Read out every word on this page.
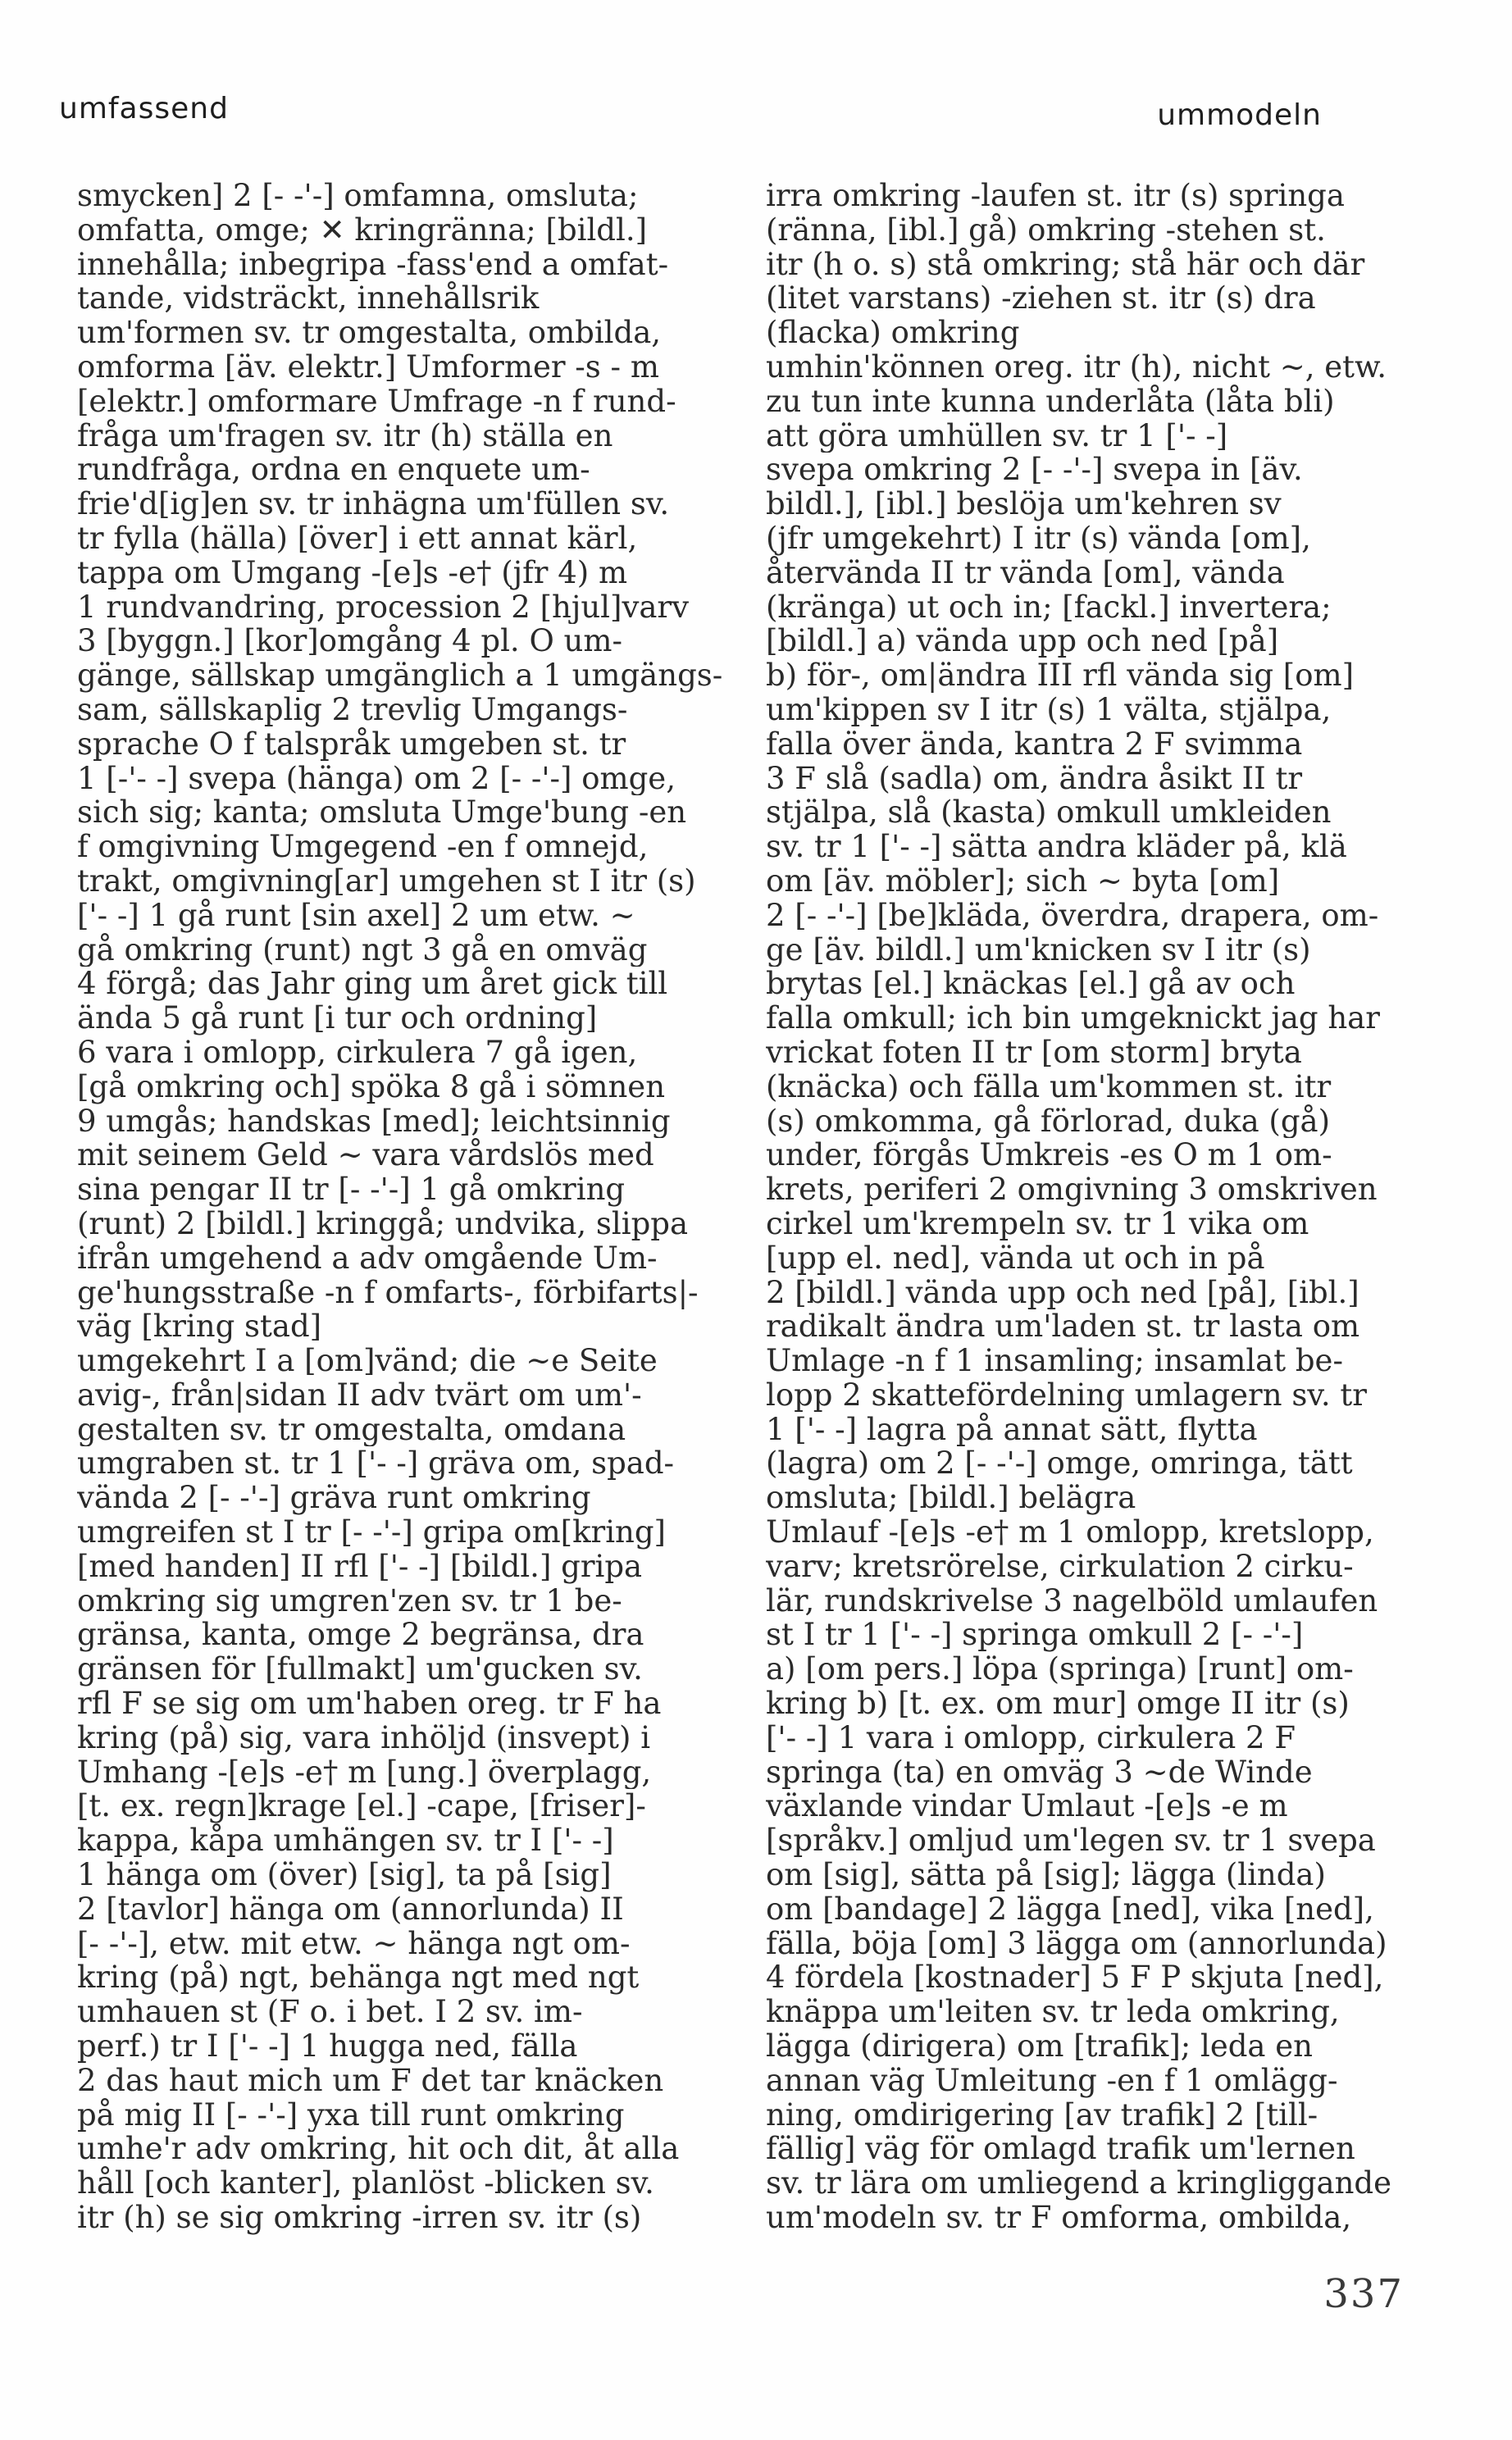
umfassend	ummodeln

smycken] 2 [- -'-] omfamna, omsluta;

omfatta, omge; ✕ kringränna; [bildl.]

innehålla; inbegripa -fass'end a omfat-

tande, vidsträckt, innehållsrik

um'formen sv. tr omgestalta, ombilda,

omforma [äv. elektr.] Umformer -s - m

[elektr.] omformare Umfrage -n f rund-

fråga um'fragen sv. itr (h) ställa en

rundfråga, ordna en enquete um-

frie'd[ig]en sv. tr inhägna um'füllen sv.

tr fylla (hälla) [över] i ett annat kärl,

tappa om Umgang -[e]s -e† (jfr 4) m

1 rundvandring, procession 2 [hjul]varv

3 [byggn.] [kor]omgång 4 pl. O um-

gänge, sällskap umgänglich a 1 umgängs-

sam, sällskaplig 2 trevlig Umgangs-

sprache O f talspråk umgeben st. tr

1 [-'- -] svepa (hänga) om 2 [- -'-] omge,

sich sig; kanta; omsluta Umge'bung -en

f omgivning Umgegend -en f omnejd,

trakt, omgivning[ar] umgehen st I itr (s)

['- -] 1 gå runt [sin axel] 2 um etw. ~

gå omkring (runt) ngt 3 gå en omväg

4 förgå; das Jahr ging um året gick till

ända 5 gå runt [i tur och ordning]

6 vara i omlopp, cirkulera 7 gå igen,

[gå omkring och] spöka 8 gå i sömnen

9 umgås; handskas [med]; leichtsinnig

mit seinem Geld ~ vara vårdslös med

sina pengar II tr [- -'-] 1 gå omkring

(runt) 2 [bildl.] kringgå; undvika, slippa

ifrån umgehend a adv omgående Um-

ge'hungsstraße -n f omfarts-, förbifarts|-

väg [kring stad]

umgekehrt I a [om]vänd; die ~e Seite

avig-, från|sidan II adv tvärt om um'-

gestalten sv. tr omgestalta, omdana

umgraben st. tr 1 ['- -] gräva om, spad-

vända 2 [- -'-] gräva runt omkring

umgreifen st I tr [- -'-] gripa om[kring]

[med handen] II rfl ['- -] [bildl.] gripa

omkring sig umgren'zen sv. tr 1 be-

gränsa, kanta, omge 2 begränsa, dra

gränsen för [fullmakt] um'gucken sv.

rfl F se sig om um'haben oreg. tr F ha

kring (på) sig, vara inhöljd (insvept) i

Umhang -[e]s -e† m [ung.] överplagg,

[t. ex. regn]krage [el.] -cape, [friser]-

kappa, kåpa umhängen sv. tr I ['- -]

1 hänga om (över) [sig], ta på [sig]

2 [tavlor] hänga om (annorlunda) II

[- -'-], etw. mit etw. ~ hänga ngt om-

kring (på) ngt, behänga ngt med ngt

umhauen st (F o. i bet. I 2 sv. im-

perf.) tr I ['- -] 1 hugga ned, fälla

2 das haut mich um F det tar knäcken

på mig II [- -'-] yxa till runt omkring

umhe'r adv omkring, hit och dit, åt alla

håll [och kanter], planlöst -blicken sv.

itr (h) se sig omkring -irren sv. itr (s)

irra omkring -laufen st. itr (s) springa

(ränna, [ibl.] gå) omkring -stehen st.

itr (h o. s) stå omkring; stå här och där

(litet varstans) -ziehen st. itr (s) dra

(flacka) omkring

umhin'können oreg. itr (h), nicht ~, etw.

zu tun inte kunna underlåta (låta bli)

att göra umhüllen sv. tr 1 ['- -]

svepa omkring 2 [- -'-] svepa in [äv.

bildl.], [ibl.] beslöja um'kehren sv

(jfr umgekehrt) I itr (s) vända [om],

återvända II tr vända [om], vända

(kränga) ut och in; [fackl.] invertera;

[bildl.] a) vända upp och ned [på]

b) för-, om|ändra III rfl vända sig [om]

um'kippen sv I itr (s) 1 välta, stjälpa,

falla över ända, kantra 2 F svimma

3 F slå (sadla) om, ändra åsikt II tr

stjälpa, slå (kasta) omkull umkleiden

sv. tr 1 ['- -] sätta andra kläder på, klä

om [äv. möbler]; sich ~ byta [om]

2 [- -'-] [be]kläda, överdra, drapera, om-

ge [äv. bildl.] um'knicken sv I itr (s)

brytas [el.] knäckas [el.] gå av och

falla omkull; ich bin umgeknickt jag har

vrickat foten II tr [om storm] bryta

(knäcka) och fälla um'kommen st. itr

(s) omkomma, gå förlorad, duka (gå)

under, förgås Umkreis -es O m 1 om-

krets, periferi 2 omgivning 3 omskriven

cirkel um'krempeln sv. tr 1 vika om

[upp el. ned], vända ut och in på

2 [bildl.] vända upp och ned [på], [ibl.]

radikalt ändra um'laden st. tr lasta om

Umlage -n f 1 insamling; insamlat be-

lopp 2 skattefördelning umlagern sv. tr

1 ['- -] lagra på annat sätt, flytta

(lagra) om 2 [- -'-] omge, omringa, tätt

omsluta; [bildl.] belägra

Umlauf -[e]s -e† m 1 omlopp, kretslopp,

varv; kretsrörelse, cirkulation 2 cirku-

lär, rundskrivelse 3 nagelböld umlaufen

st I tr 1 ['- -] springa omkull 2 [- -'-]

a) [om pers.] löpa (springa) [runt] om-

kring b) [t. ex. om mur] omge II itr (s)

['- -] 1 vara i omlopp, cirkulera 2 F

springa (ta) en omväg 3 ~de Winde

växlande vindar Umlaut -[e]s -e m

[språkv.] omljud um'legen sv. tr 1 svepa

om [sig], sätta på [sig]; lägga (linda)

om [bandage] 2 lägga [ned], vika [ned],

fälla, böja [om] 3 lägga om (annorlunda)

4 fördela [kostnader] 5 F P skjuta [ned],

knäppa um'leiten sv. tr leda omkring,

lägga (dirigera) om [trafik]; leda en

annan väg Umleitung -en f 1 omlägg-

ning, omdirigering [av trafik] 2 [till-

fällig] väg för omlagd trafik um'lernen

sv. tr lära om umliegend a kringliggande

um'modeln sv. tr F omforma, ombilda,

337
